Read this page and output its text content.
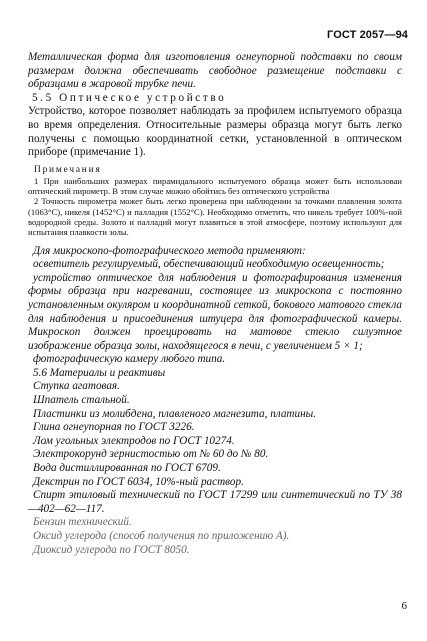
ГОСТ 2057—94

Металлическая форма для изготовления огнеупорной подставки по своим размерам должна обеспечивать свободное размещение подставки с образцами в жаровой трубке печи.

5.5 Оптическое устройство

Устройство, которое позволяет наблюдать за профилем испытуемого образца во время определения. Относительные размеры образца могут быть легко получены с помощью координатной сетки, установленной в оптическом приборе (примечание 1).

Примечания

1 При наибольших размерах пирамидального испытуемого образца может быть использован оптический пирометр. В этом случае можно обойтись без оптического устройства

2 Точность пирометра может быть легко проверена при наблюдении за точками плавления золота (1063°С), никеля (1452°С) и палладия (1552°С). Необходимо отметить, что никель требует 100%-ной водородной среды. Золото и палладий могут плавиться в этой атмосфере, поэтому используют для испытания плавкости золы.

Для микроскопо-фотографического метода применяют:

осветитель регулируемый, обеспечивающий необходимую освещенность;

устройство оптическое для наблюдения и фотографирования изменения формы образца при нагревании, состоящее из микроскопа с постоянно установленным окуляром и координатной сеткой, бокового матового стекла для наблюдения и присоединения штуцера для фотографической камеры. Микроскоп должен проецировать на матовое стекло силуэтное изображение образца золы, находящегося в печи, с увеличением 5 × 1;

фотографическую камеру любого типа.

5.6 Материалы и реактивы

Ступка агатовая.

Шпатель стальной.

Пластинки из молибдена, плавленого магнезита, платины.

Глина огнеупорная по ГОСТ 3226.

Лом угольных электродов по ГОСТ 10274.

Электрокорунд зернистостью от № 60 до № 80.

Вода дистиллированная по ГОСТ 6709.

Декстрин по ГОСТ 6034, 10%-ный раствор.

Спирт этиловый технический по ГОСТ 17299 или синтетический по ТУ 38—402—62—117.

Бензин технический.

Оксид углерода (способ получения по приложению А).

Диоксид углерода по ГОСТ 8050.

6
